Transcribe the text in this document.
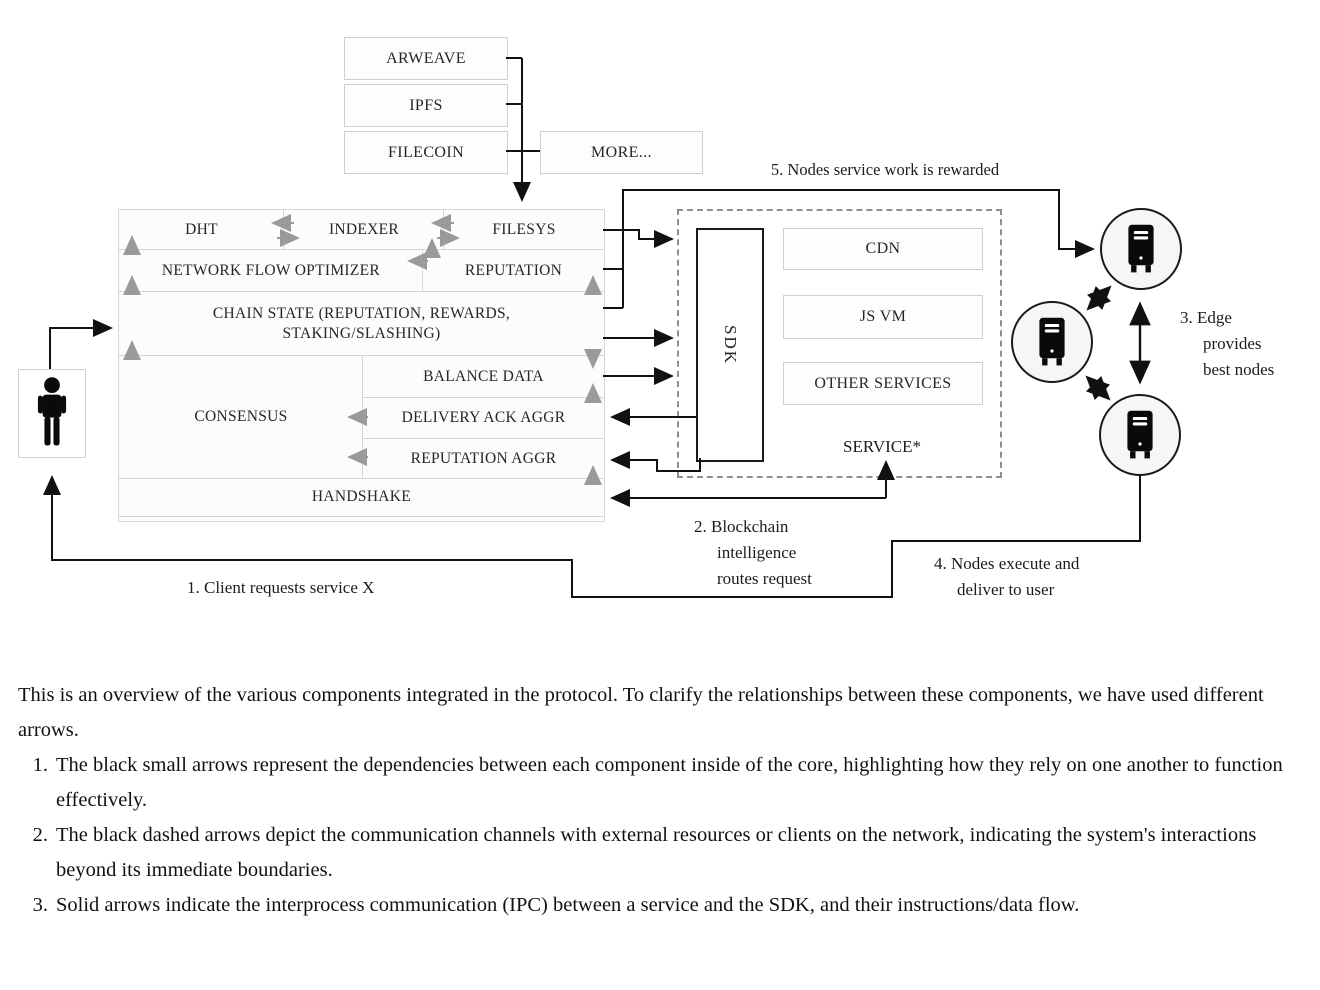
ARWEAVE
IPFS
FILECOIN	MORE...
DHT	INDEXER	FILESYS
NETWORK FLOW OPTIMIZER	REPUTATION
CHAIN STATE (REPUTATION, REWARDS, STAKING/SLASHING)
CONSENSUS
BALANCE DATA
DELIVERY ACK AGGR
REPUTATION AGGR
HANDSHAKE
SDK
CDN
JS VM
OTHER SERVICES
SERVICE*
5. Nodes service work is rewarded
3. Edge
provides
best nodes
2. Blockchain
intelligence
routes request
4. Nodes execute and
deliver to user
1. Client requests service X

This is an overview of the various components integrated in the protocol. To clarify the relationships between these components, we have used different arrows.

1. The black small arrows represent the dependencies between each component inside of the core, highlighting how they rely on one another to function effectively.
2. The black dashed arrows depict the communication channels with external resources or clients on the network, indicating the system's interactions beyond its immediate boundaries.
3. Solid arrows indicate the interprocess communication (IPC) between a service and the SDK, and their instructions/data flow.
